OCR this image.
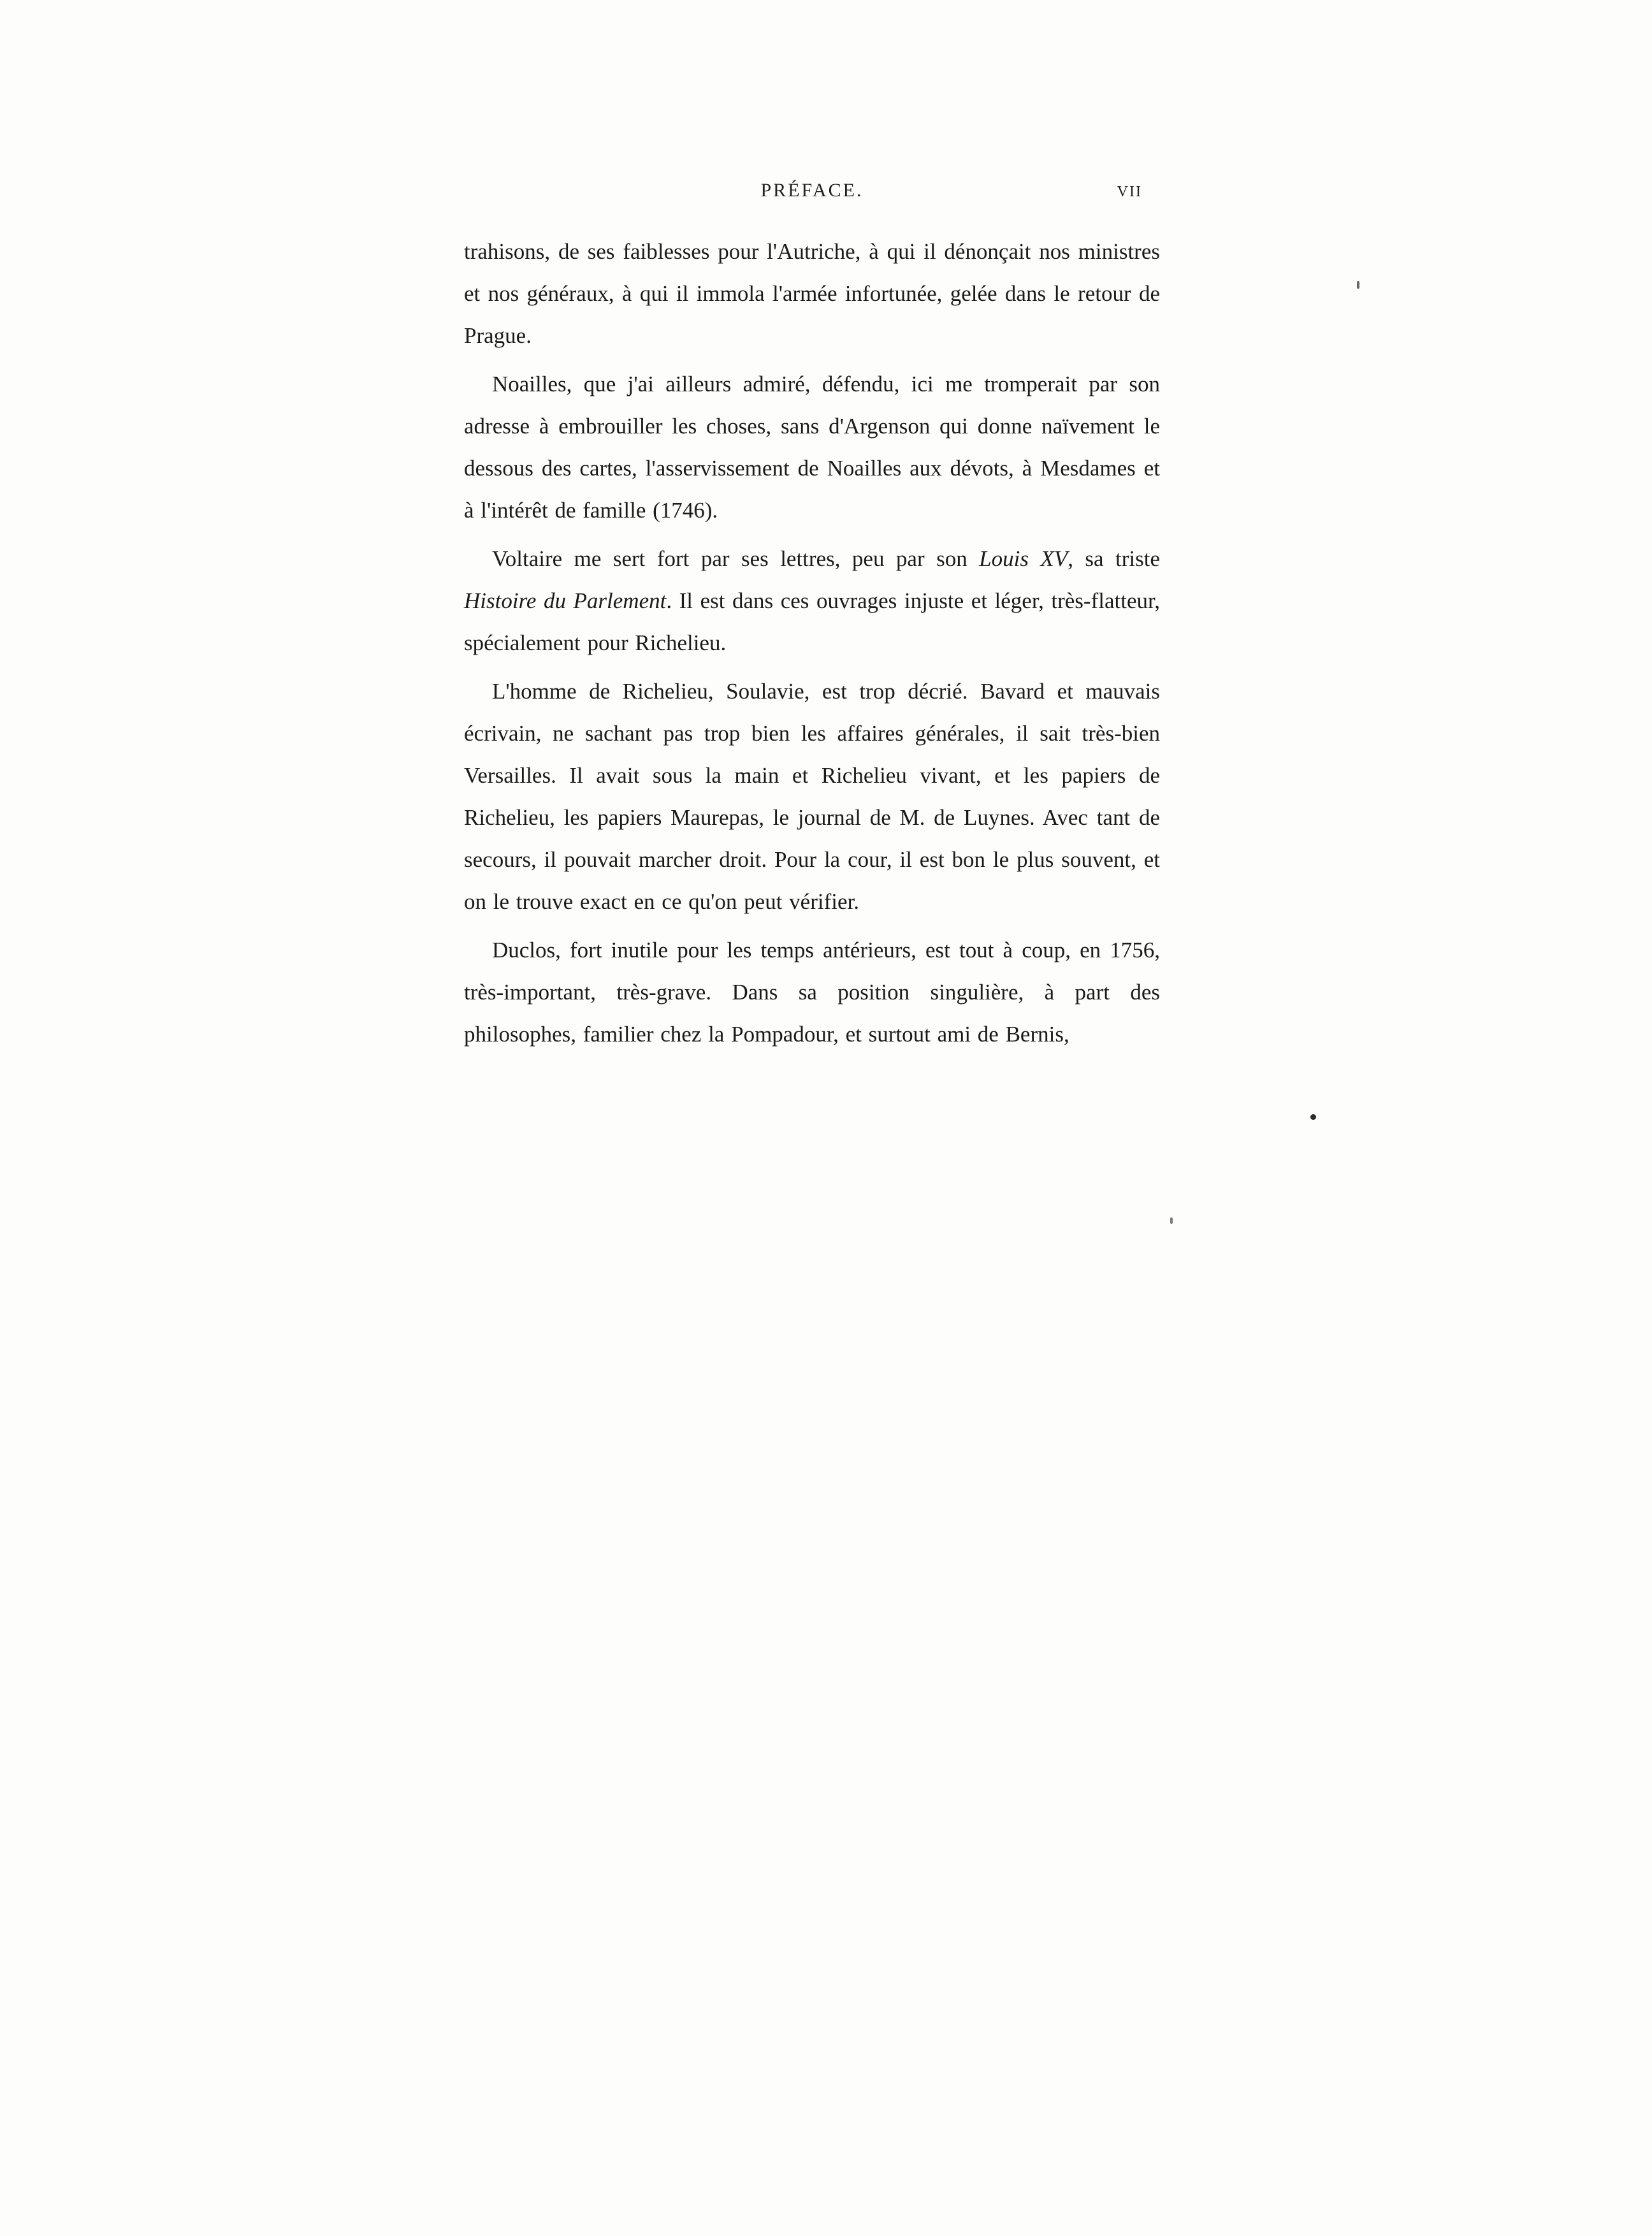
PRÉFACE.	VII

trahisons, de ses faiblesses pour l'Autriche, à qui il dénonçait nos ministres et nos généraux, à qui il immola l'armée infortunée, gelée dans le retour de Prague.

Noailles, que j'ai ailleurs admiré, défendu, ici me tromperait par son adresse à embrouiller les choses, sans d'Argenson qui donne naïvement le dessous des cartes, l'asservissement de Noailles aux dévots, à Mesdames et à l'intérêt de famille (1746).

Voltaire me sert fort par ses lettres, peu par son Louis XV, sa triste Histoire du Parlement. Il est dans ces ouvrages injuste et léger, très-flatteur, spécialement pour Richelieu.

L'homme de Richelieu, Soulavie, est trop décrié. Bavard et mauvais écrivain, ne sachant pas trop bien les affaires générales, il sait très-bien Versailles. Il avait sous la main et Richelieu vivant, et les papiers de Richelieu, les papiers Maurepas, le journal de M. de Luynes. Avec tant de secours, il pouvait marcher droit. Pour la cour, il est bon le plus souvent, et on le trouve exact en ce qu'on peut vérifier.

Duclos, fort inutile pour les temps antérieurs, est tout à coup, en 1756, très-important, très-grave. Dans sa position singulière, à part des philosophes, familier chez la Pompadour, et surtout ami de Bernis,
